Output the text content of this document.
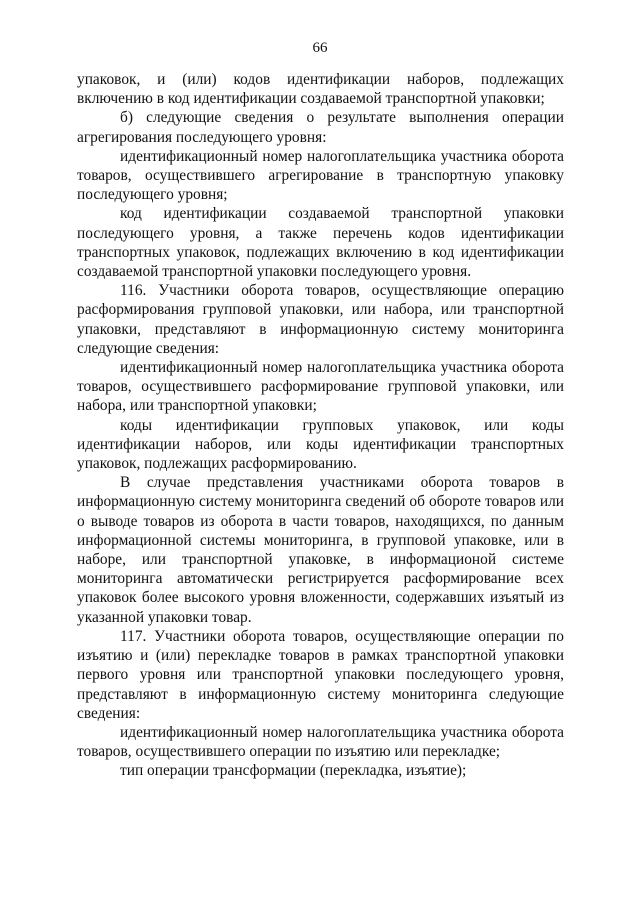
66

упаковок, и (или) кодов идентификации наборов, подлежащих включению в код идентификации создаваемой транспортной упаковки;

б) следующие сведения о результате выполнения операции агрегирования последующего уровня:

идентификационный номер налогоплательщика участника оборота товаров, осуществившего агрегирование в транспортную упаковку последующего уровня;

код идентификации создаваемой транспортной упаковки последующего уровня, а также перечень кодов идентификации транспортных упаковок, подлежащих включению в код идентификации создаваемой транспортной упаковки последующего уровня.

116. Участники оборота товаров, осуществляющие операцию расформирования групповой упаковки, или набора, или транспортной упаковки, представляют в информационную систему мониторинга следующие сведения:

идентификационный номер налогоплательщика участника оборота товаров, осуществившего расформирование групповой упаковки, или набора, или транспортной упаковки;

коды идентификации групповых упаковок, или коды идентификации наборов, или коды идентификации транспортных упаковок, подлежащих расформированию.

В случае представления участниками оборота товаров в информационную систему мониторинга сведений об обороте товаров или о выводе товаров из оборота в части товаров, находящихся, по данным информационной системы мониторинга, в групповой упаковке, или в наборе, или транспортной упаковке, в информационой системе мониторинга автоматически регистрируется расформирование всех упаковок более высокого уровня вложенности, содержавших изъятый из указанной упаковки товар.

117. Участники оборота товаров, осуществляющие операции по изъятию и (или) перекладке товаров в рамках транспортной упаковки первого уровня или транспортной упаковки последующего уровня, представляют в информационную систему мониторинга следующие сведения:

идентификационный номер налогоплательщика участника оборота товаров, осуществившего операции по изъятию или перекладке;

тип операции трансформации (перекладка, изъятие);
